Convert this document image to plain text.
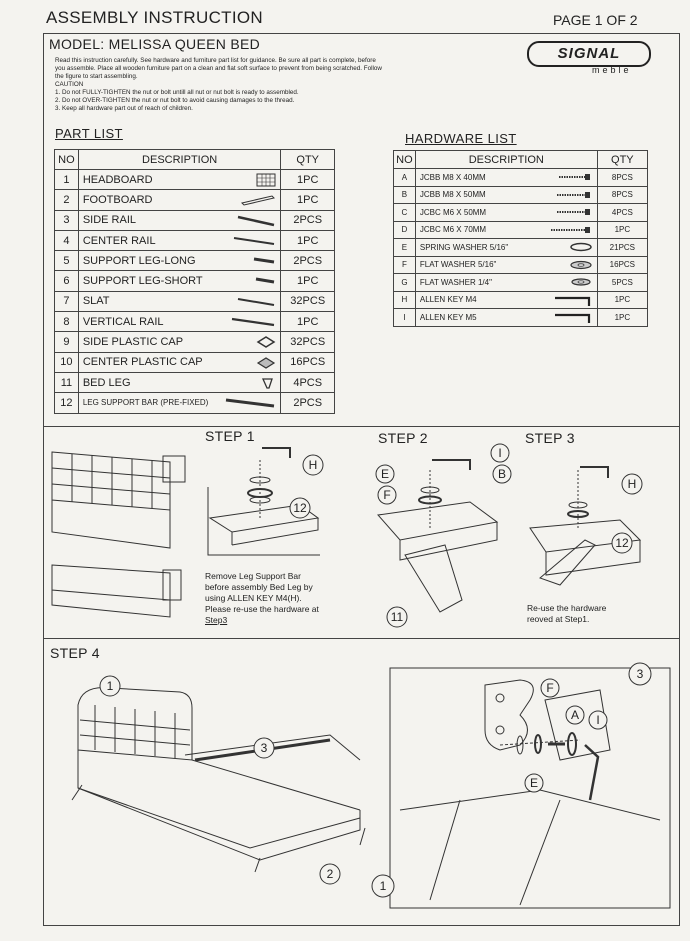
ASSEMBLY INSTRUCTION	PAGE 1 OF 2
MODEL: MELISSA QUEEN BED
SIGNAL
meble

Read this instruction carefully. See hardware and furniture part list for guidance. Be sure all part is complete, before

you assemble. Place all wooden furniture part on a clean and flat soft surface to prevent from being scratched. Follow

the figure to start assembling.

CAUTION

1. Do not FULLY-TIGHTEN the nut or bolt untill all nut or nut bolt is ready to assembled.

2. Do not OVER-TIGHTEN the nut or nut bolt to avoid causing damages to the thread.

3. Keep all hardware part out of reach of children.

PART LIST
NO	DESCRIPTION	QTY
1	HEADBOARD	1PC
2	FOOTBOARD	1PC
3	SIDE RAIL	2PCS
4	CENTER RAIL	1PC
5	SUPPORT LEG-LONG	2PCS
6	SUPPORT LEG-SHORT	1PC
7	SLAT	32PCS
8	VERTICAL RAIL	1PC
9	SIDE PLASTIC CAP	32PCS
10	CENTER PLASTIC CAP	16PCS
11	BED LEG	4PCS
12	LEG SUPPORT BAR (PRE-FIXED)	2PCS
HARDWARE LIST
NO	DESCRIPTION	QTY
A	JCBB M8 X 40MM	8PCS
B	JCBB M8 X 50MM	8PCS
C	JCBC M6 X 50MM	4PCS
D	JCBC M6 X 70MM	1PC
E	SPRING WASHER 5/16"	21PCS
F	FLAT WASHER 5/16"	16PCS
G	FLAT WASHER 1/4"	5PCS
H	ALLEN KEY M4	1PC
I	ALLEN KEY M5	1PC
STEP 1	STEP 2	STEP 3
STEP 4
Remove Leg Support Bar
before assembly Bed Leg by
using ALLEN KEY M4(H).
Please re-use the hardware at
Step3
Re-use the hardware
reoved at Step1.
H
12
I
E	B
F
11
H
12
1
3
2
F
A I
3
E
1
